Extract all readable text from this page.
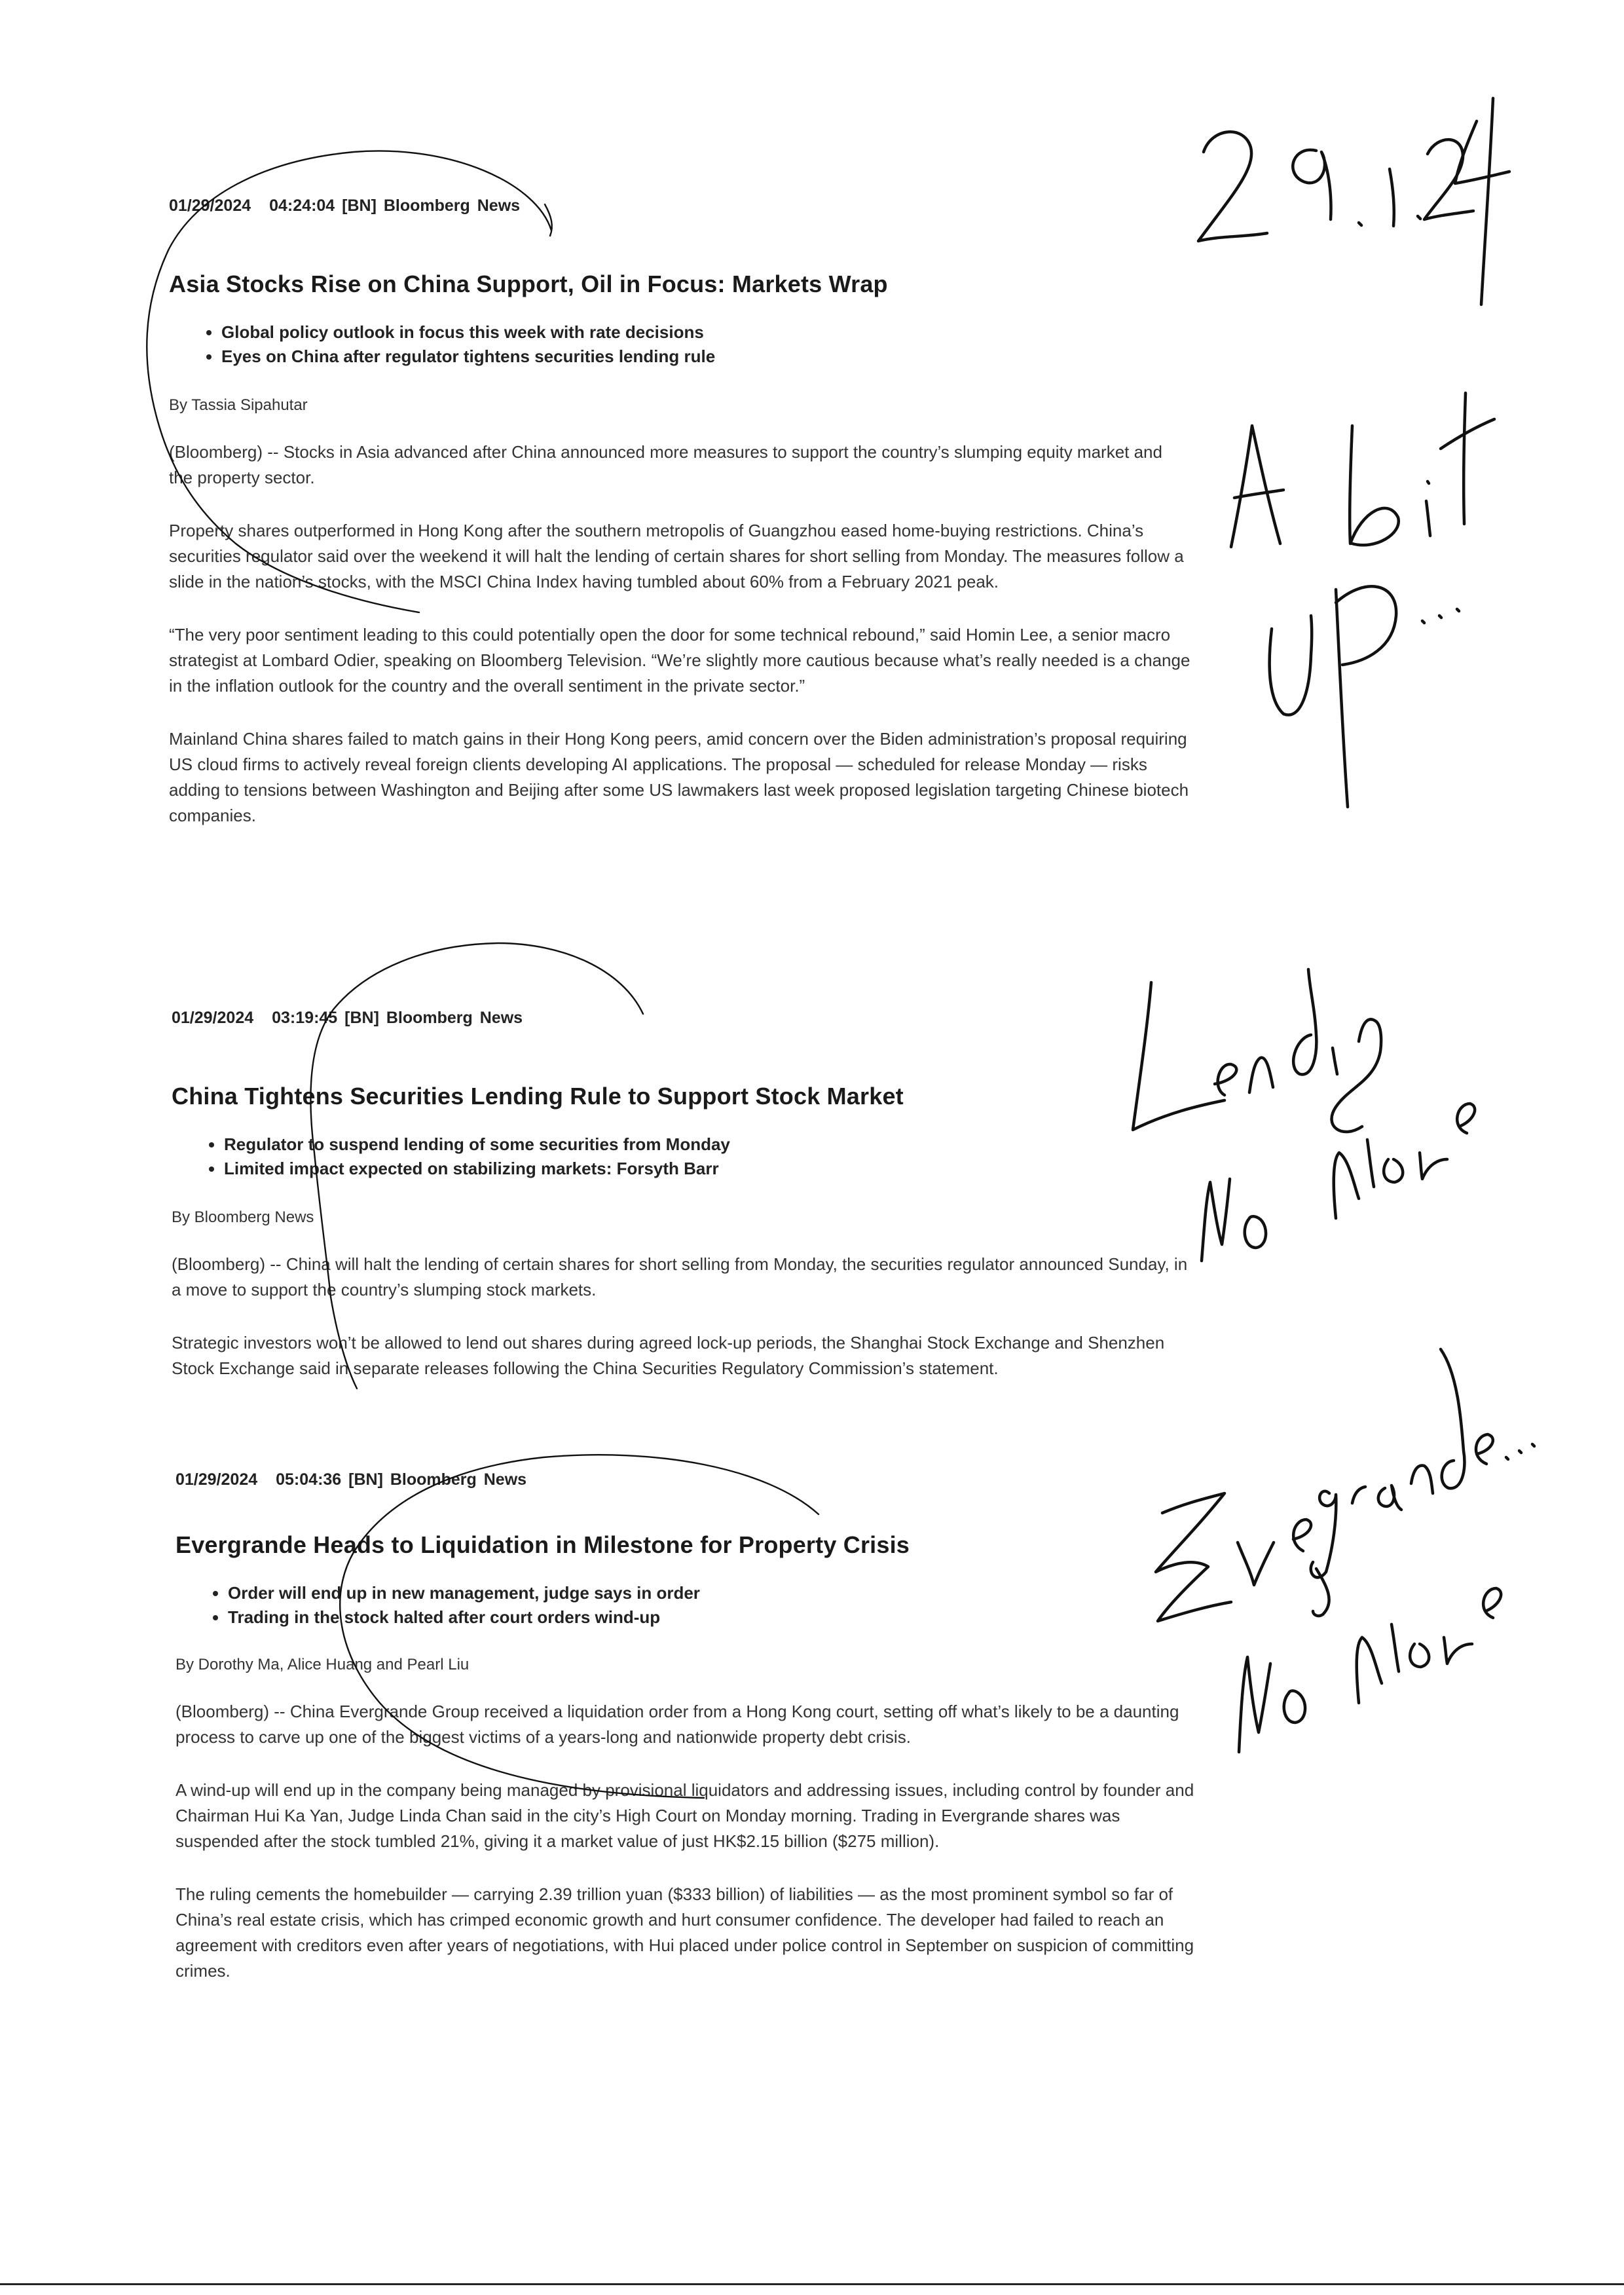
01/29/2024 04:24:04 [BN] Bloomberg News

Asia Stocks Rise on China Support, Oil in Focus: Markets Wrap
• Global policy outlook in focus this week with rate decisions
• Eyes on China after regulator tightens securities lending rule

By Tassia Sipahutar

(Bloomberg) -- Stocks in Asia advanced after China announced more measures to support the country’s slumping equity market and the property sector.

Property shares outperformed in Hong Kong after the southern metropolis of Guangzhou eased home-buying restrictions. China’s securities regulator said over the weekend it will halt the lending of certain shares for short selling from Monday. The measures follow a slide in the nation’s stocks, with the MSCI China Index having tumbled about 60% from a February 2021 peak.

“The very poor sentiment leading to this could potentially open the door for some technical rebound,” said Homin Lee, a senior macro strategist at Lombard Odier, speaking on Bloomberg Television. “We’re slightly more cautious because what’s really needed is a change in the inflation outlook for the country and the overall sentiment in the private sector.”

Mainland China shares failed to match gains in their Hong Kong peers, amid concern over the Biden administration’s proposal requiring US cloud firms to actively reveal foreign clients developing AI applications. The proposal — scheduled for release Monday — risks adding to tensions between Washington and Beijing after some US lawmakers last week proposed legislation targeting Chinese biotech companies.

01/29/2024 03:19:45 [BN] Bloomberg News

China Tightens Securities Lending Rule to Support Stock Market
• Regulator to suspend lending of some securities from Monday
• Limited impact expected on stabilizing markets: Forsyth Barr

By Bloomberg News

(Bloomberg) -- China will halt the lending of certain shares for short selling from Monday, the securities regulator announced Sunday, in a move to support the country’s slumping stock markets.

Strategic investors won’t be allowed to lend out shares during agreed lock-up periods, the Shanghai Stock Exchange and Shenzhen Stock Exchange said in separate releases following the China Securities Regulatory Commission’s statement.

01/29/2024 05:04:36 [BN] Bloomberg News

Evergrande Heads to Liquidation in Milestone for Property Crisis
• Order will end up in new management, judge says in order
• Trading in the stock halted after court orders wind-up

By Dorothy Ma, Alice Huang and Pearl Liu

(Bloomberg) -- China Evergrande Group received a liquidation order from a Hong Kong court, setting off what’s likely to be a daunting process to carve up one of the biggest victims of a years-long and nationwide property debt crisis.

A wind-up will end up in the company being managed by provisional liquidators and addressing issues, including control by founder and Chairman Hui Ka Yan, Judge Linda Chan said in the city’s High Court on Monday morning. Trading in Evergrande shares was suspended after the stock tumbled 21%, giving it a market value of just HK$2.15 billion ($275 million).

The ruling cements the homebuilder — carrying 2.39 trillion yuan ($333 billion) of liabilities — as the most prominent symbol so far of China’s real estate crisis, which has crimped economic growth and hurt consumer confidence. The developer had failed to reach an agreement with creditors even after years of negotiations, with Hui placed under police control in September on suspicion of committing crimes.
